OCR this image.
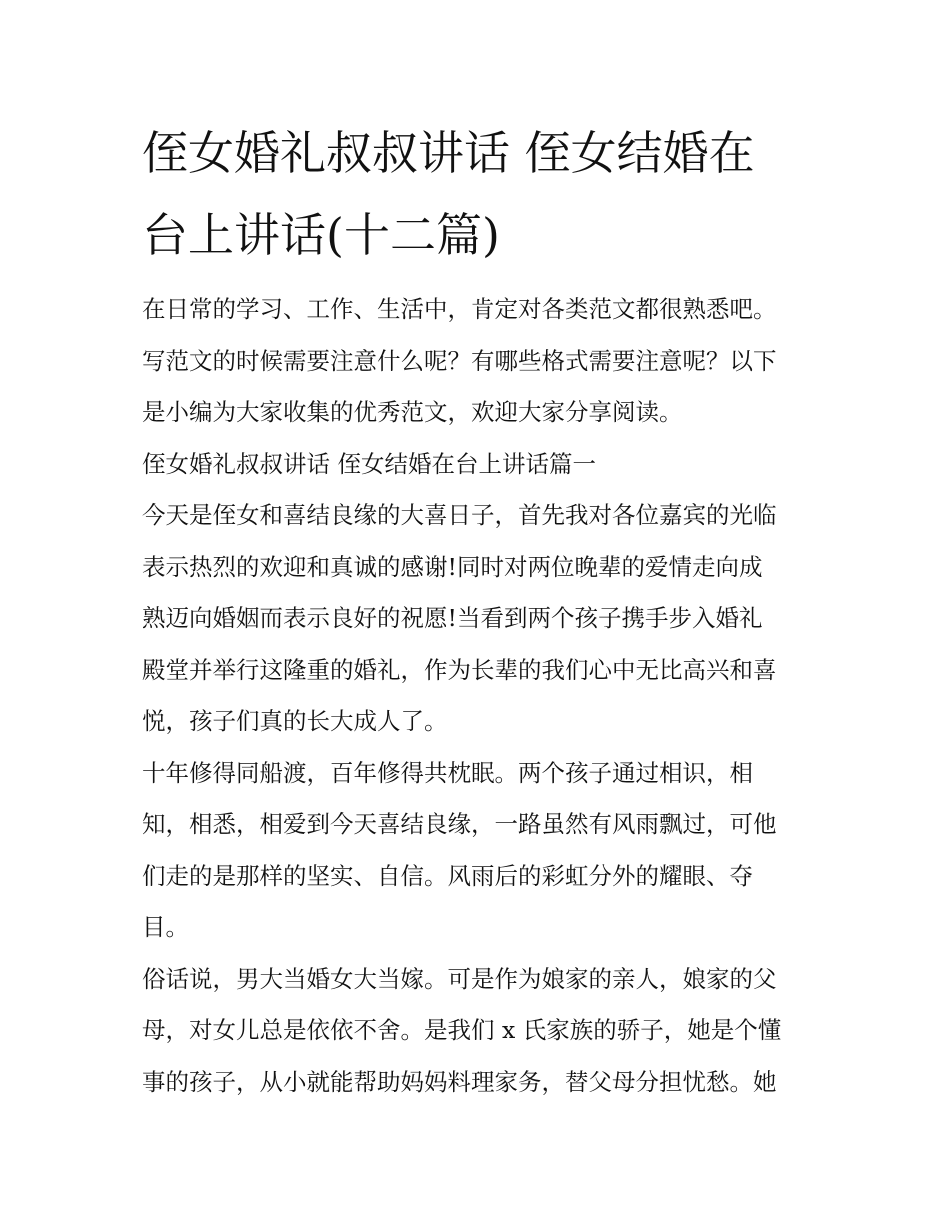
侄女婚礼叔叔讲话 侄女结婚在
台上讲话(十二篇)
在日常的学习、工作、生活中，肯定对各类范文都很熟悉吧。
写范文的时候需要注意什么呢？有哪些格式需要注意呢？以下
是小编为大家收集的优秀范文，欢迎大家分享阅读。
侄女婚礼叔叔讲话 侄女结婚在台上讲话篇一
今天是侄女和喜结良缘的大喜日子，首先我对各位嘉宾的光临
表示热烈的欢迎和真诚的感谢!同时对两位晚辈的爱情走向成
熟迈向婚姻而表示良好的祝愿!当看到两个孩子携手步入婚礼
殿堂并举行这隆重的婚礼，作为长辈的我们心中无比高兴和喜
悦，孩子们真的长大成人了。
十年修得同船渡，百年修得共枕眠。两个孩子通过相识，相
知，相悉，相爱到今天喜结良缘，一路虽然有风雨飘过，可他
们走的是那样的坚实、自信。风雨后的彩虹分外的耀眼、夺
目。
俗话说，男大当婚女大当嫁。可是作为娘家的亲人，娘家的父
母，对女儿总是依依不舍。是我们 x 氏家族的骄子，她是个懂
事的孩子，从小就能帮助妈妈料理家务，替父母分担忧愁。她
